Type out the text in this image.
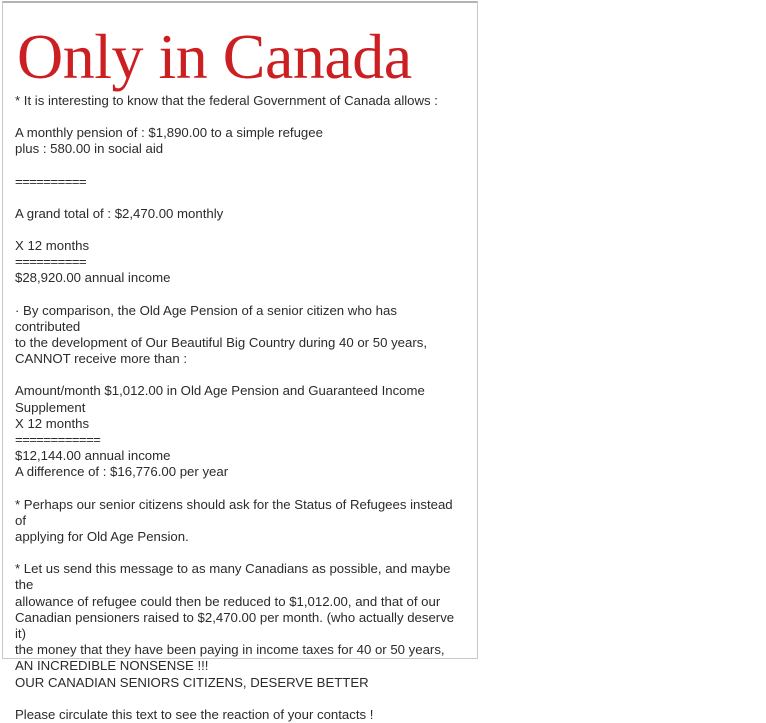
Only in Canada
* It is interesting to know that the federal Government of Canada allows :
A monthly pension of : $1,890.00 to a simple refugee
plus : 580.00 in social aid
==========
A grand total of : $2,470.00 monthly
X 12 months
==========
$28,920.00 annual income
· By comparison, the Old Age Pension of a senior citizen who has contributed
to the development of Our Beautiful Big Country during 40 or 50 years,
CANNOT receive more than :
Amount/month $1,012.00 in Old Age Pension and Guaranteed Income
Supplement
X 12 months
============
$12,144.00 annual income
A difference of : $16,776.00 per year
* Perhaps our senior citizens should ask for the Status of Refugees instead of
applying for Old Age Pension.
* Let us send this message to as many Canadians as possible, and maybe the
allowance of refugee could then be reduced to $1,012.00, and that of our
Canadian pensioners raised to $2,470.00 per month. (who actually deserve it)
the money that they have been paying in income taxes for 40 or 50 years,
AN INCREDIBLE NONSENSE !!!
OUR CANADIAN SENIORS CITIZENS, DESERVE BETTER
Please circulate this text to see the reaction of your contacts !
